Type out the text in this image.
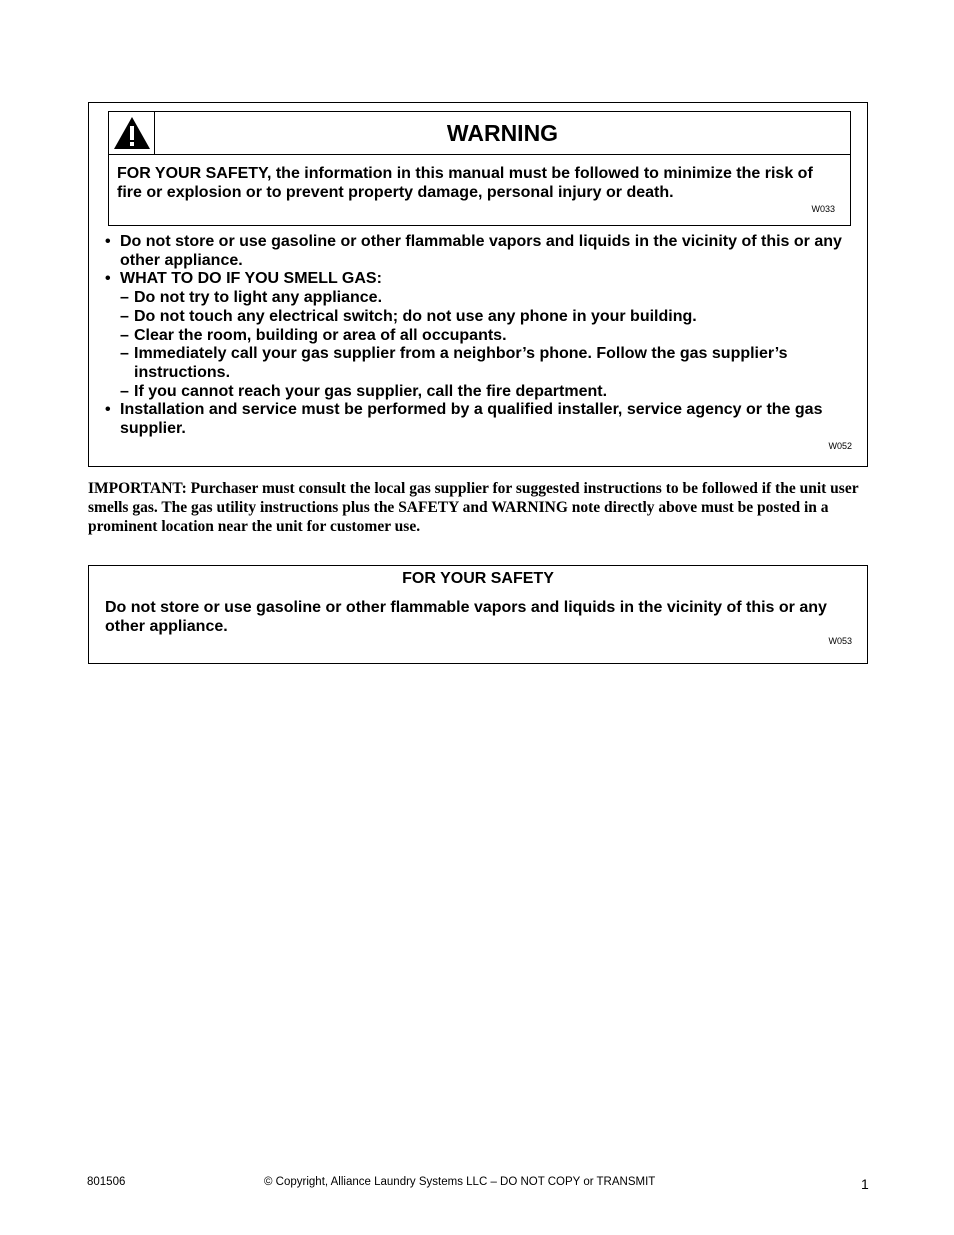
WARNING
FOR YOUR SAFETY, the information in this manual must be followed to minimize the risk of fire or explosion or to prevent property damage, personal injury or death.
W033
• Do not store or use gasoline or other flammable vapors and liquids in the vicinity of this or any other appliance.
• WHAT TO DO IF YOU SMELL GAS:
– Do not try to light any appliance.
– Do not touch any electrical switch; do not use any phone in your building.
– Clear the room, building or area of all occupants.
– Immediately call your gas supplier from a neighbor’s phone. Follow the gas supplier’s instructions.
– If you cannot reach your gas supplier, call the fire department.
• Installation and service must be performed by a qualified installer, service agency or the gas supplier.
W052
IMPORTANT: Purchaser must consult the local gas supplier for suggested instructions to be followed if the unit user smells gas. The gas utility instructions plus the SAFETY and WARNING note directly above must be posted in a prominent location near the unit for customer use.
FOR YOUR SAFETY
Do not store or use gasoline or other flammable vapors and liquids in the vicinity of this or any other appliance.
W053
801506	© Copyright, Alliance Laundry Systems LLC – DO NOT COPY or TRANSMIT	1
